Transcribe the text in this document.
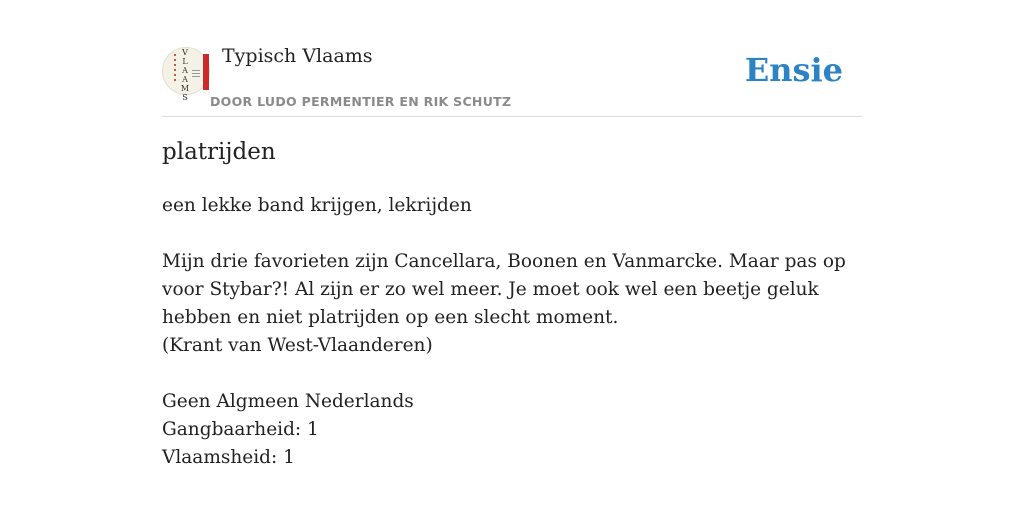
V
L
A
A
M
S
Typisch Vlaams
DOOR LUDO PERMENTIER EN RIK SCHUTZ
Ensie
platrijden

een lekke band krijgen, lekrijden

Mijn drie favorieten zijn Cancellara, Boonen en Vanmarcke. Maar pas op voor Stybar?! Al zijn er zo wel meer. Je moet ook wel een beetje geluk hebben en niet platrijden op een slecht moment.

(Krant van West-Vlaanderen)

Geen Algmeen Nederlands

Gangbaarheid: 1

Vlaamsheid: 1
